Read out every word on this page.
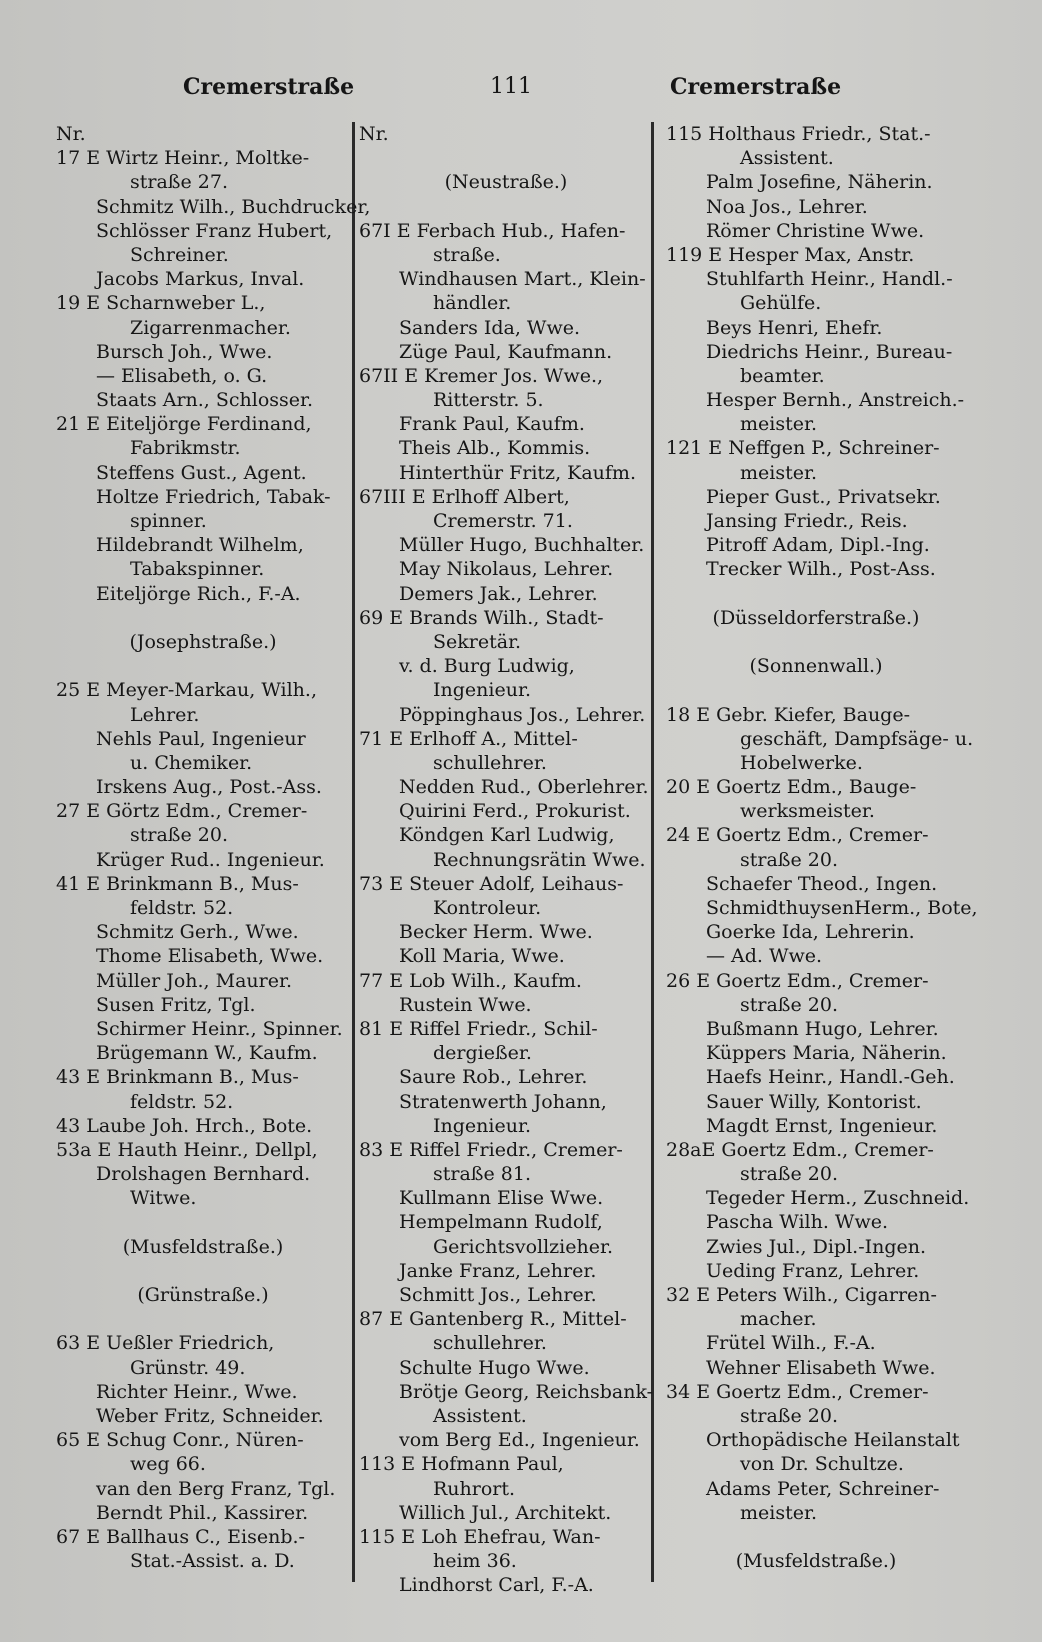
Cremerstraße	111	Cremerstraße
Nr.
17 E Wirtz Heinr., Moltke-
straße 27.
Schmitz Wilh., Buchdrucker,
Schlösser Franz Hubert,
Schreiner.
Jacobs Markus, Inval.
19 E Scharnweber L.,
Zigarrenmacher.
Bursch Joh., Wwe.
— Elisabeth, o. G.
Staats Arn., Schlosser.
21 E Eiteljörge Ferdinand,
Fabrikmstr.
Steffens Gust., Agent.
Holtze Friedrich, Tabak-
spinner.
Hildebrandt Wilhelm,
Tabakspinner.
Eiteljörge Rich., F.-A.
(Josephstraße.)
25 E Meyer-Markau, Wilh.,
Lehrer.
Nehls Paul, Ingenieur
u. Chemiker.
Irskens Aug., Post.-Ass.
27 E Görtz Edm., Cremer-
straße 20.
Krüger Rud.. Ingenieur.
41 E Brinkmann B., Mus-
feldstr. 52.
Schmitz Gerh., Wwe.
Thome Elisabeth, Wwe.
Müller Joh., Maurer.
Susen Fritz, Tgl.
Schirmer Heinr., Spinner.
Brügemann W., Kaufm.
43 E Brinkmann B., Mus-
feldstr. 52.
43 Laube Joh. Hrch., Bote.
53a E Hauth Heinr., Dellpl,
Drolshagen Bernhard.
Witwe.
(Musfeldstraße.)
(Grünstraße.)
63 E Ueßler Friedrich,
Grünstr. 49.
Richter Heinr., Wwe.
Weber Fritz, Schneider.
65 E Schug Conr., Nüren-
weg 66.
van den Berg Franz, Tgl.
Berndt Phil., Kassirer.
67 E Ballhaus C., Eisenb.-
Stat.-Assist. a. D.
Nr.
(Neustraße.)
67I E Ferbach Hub., Hafen-
straße.
Windhausen Mart., Klein-
händler.
Sanders Ida, Wwe.
Züge Paul, Kaufmann.
67II E Kremer Jos. Wwe.,
Ritterstr. 5.
Frank Paul, Kaufm.
Theis Alb., Kommis.
Hinterthür Fritz, Kaufm.
67III E Erlhoff Albert,
Cremerstr. 71.
Müller Hugo, Buchhalter.
May Nikolaus, Lehrer.
Demers Jak., Lehrer.
69 E Brands Wilh., Stadt-
Sekretär.
v. d. Burg Ludwig,
Ingenieur.
Pöppinghaus Jos., Lehrer.
71 E Erlhoff A., Mittel-
schullehrer.
Nedden Rud., Oberlehrer.
Quirini Ferd., Prokurist.
Köndgen Karl Ludwig,
Rechnungsrätin Wwe.
73 E Steuer Adolf, Leihaus-
Kontroleur.
Becker Herm. Wwe.
Koll Maria, Wwe.
77 E Lob Wilh., Kaufm.
Rustein Wwe.
81 E Riffel Friedr., Schil-
dergießer.
Saure Rob., Lehrer.
Stratenwerth Johann,
Ingenieur.
83 E Riffel Friedr., Cremer-
straße 81.
Kullmann Elise Wwe.
Hempelmann Rudolf,
Gerichtsvollzieher.
Janke Franz, Lehrer.
Schmitt Jos., Lehrer.
87 E Gantenberg R., Mittel-
schullehrer.
Schulte Hugo Wwe.
Brötje Georg, Reichsbank-
Assistent.
vom Berg Ed., Ingenieur.
113 E Hofmann Paul,
Ruhrort.
Willich Jul., Architekt.
115 E Loh Ehefrau, Wan-
heim 36.
Lindhorst Carl, F.-A.
115 Holthaus Friedr., Stat.-
Assistent.
Palm Josefine, Näherin.
Noa Jos., Lehrer.
Römer Christine Wwe.
119 E Hesper Max, Anstr.
Stuhlfarth Heinr., Handl.-
Gehülfe.
Beys Henri, Ehefr.
Diedrichs Heinr., Bureau-
beamter.
Hesper Bernh., Anstreich.-
meister.
121 E Neffgen P., Schreiner-
meister.
Pieper Gust., Privatsekr.
Jansing Friedr., Reis.
Pitroff Adam, Dipl.-Ing.
Trecker Wilh., Post-Ass.
(Düsseldorferstraße.)
(Sonnenwall.)
18 E Gebr. Kiefer, Bauge-
geschäft, Dampfsäge- u.
Hobelwerke.
20 E Goertz Edm., Bauge-
werksmeister.
24 E Goertz Edm., Cremer-
straße 20.
Schaefer Theod., Ingen.
SchmidthuysenHerm., Bote,
Goerke Ida, Lehrerin.
— Ad. Wwe.
26 E Goertz Edm., Cremer-
straße 20.
Bußmann Hugo, Lehrer.
Küppers Maria, Näherin.
Haefs Heinr., Handl.-Geh.
Sauer Willy, Kontorist.
Magdt Ernst, Ingenieur.
28aE Goertz Edm., Cremer-
straße 20.
Tegeder Herm., Zuschneid.
Pascha Wilh. Wwe.
Zwies Jul., Dipl.-Ingen.
Ueding Franz, Lehrer.
32 E Peters Wilh., Cigarren-
macher.
Frütel Wilh., F.-A.
Wehner Elisabeth Wwe.
34 E Goertz Edm., Cremer-
straße 20.
Orthopädische Heilanstalt
von Dr. Schultze.
Adams Peter, Schreiner-
meister.
(Musfeldstraße.)
